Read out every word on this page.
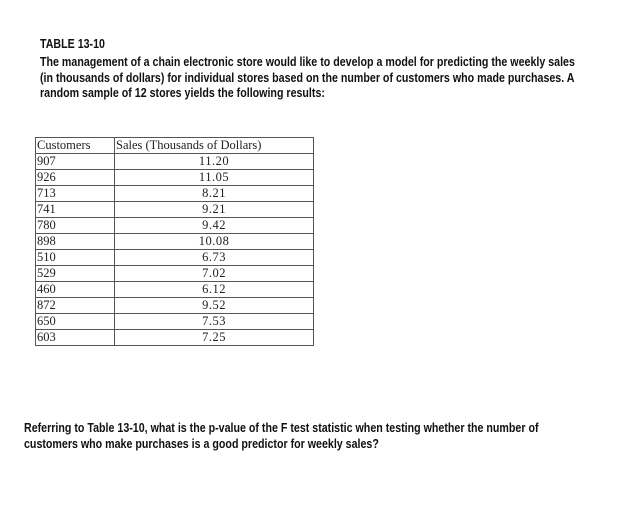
TABLE 13-10

The management of a chain electronic store would like to develop a model for predicting the weekly sales (in thousands of dollars) for individual stores based on the number of customers who made purchases. A random sample of 12 stores yields the following results:

Customers	Sales (Thousands of Dollars)
907	11.20
926	11.05
713	8.21
741	9.21
780	9.42
898	10.08
510	6.73
529	7.02
460	6.12
872	9.52
650	7.53
603	7.25

Referring to Table 13-10, what is the p-value of the F test statistic when testing whether the number of customers who make purchases is a good predictor for weekly sales?
